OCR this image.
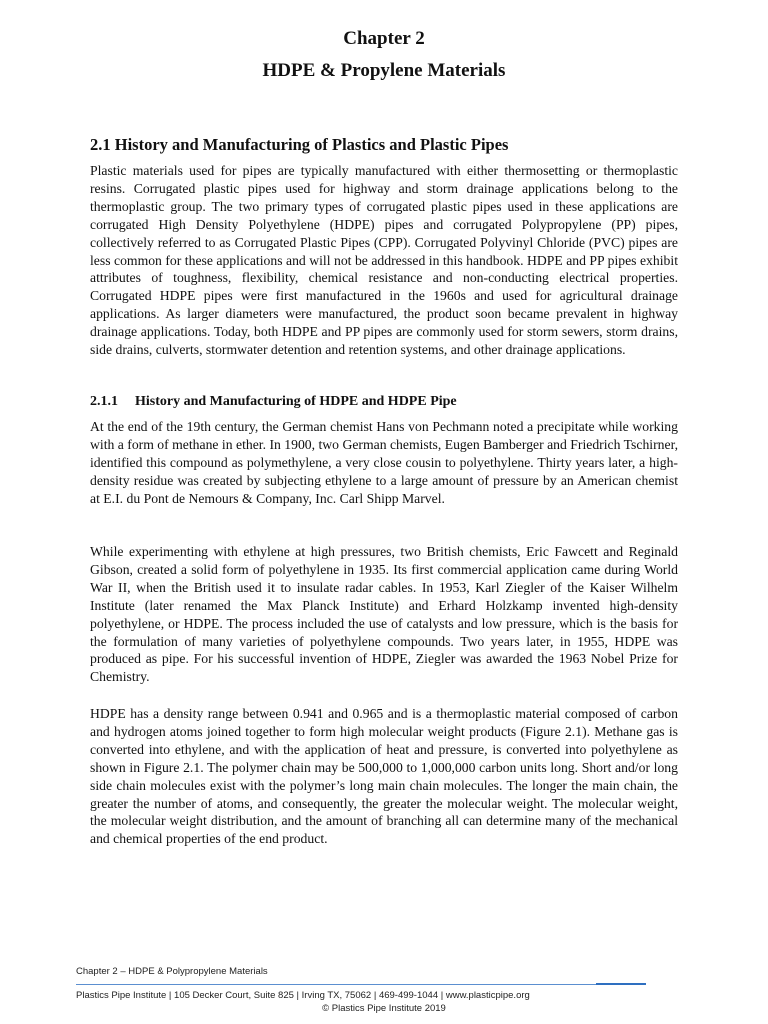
Chapter 2
HDPE & Propylene Materials
2.1 History and Manufacturing of Plastics and Plastic Pipes

Plastic materials used for pipes are typically manufactured with either thermosetting or thermoplastic resins. Corrugated plastic pipes used for highway and storm drainage applications belong to the thermoplastic group. The two primary types of corrugated plastic pipes used in these applications are corrugated High Density Polyethylene (HDPE) pipes and corrugated Polypropylene (PP) pipes, collectively referred to as Corrugated Plastic Pipes (CPP). Corrugated Polyvinyl Chloride (PVC) pipes are less common for these applications and will not be addressed in this handbook. HDPE and PP pipes exhibit attributes of toughness, flexibility, chemical resistance and non-conducting electrical properties. Corrugated HDPE pipes were first manufactured in the 1960s and used for agricultural drainage applications. As larger diameters were manufactured, the product soon became prevalent in highway drainage applications. Today, both HDPE and PP pipes are commonly used for storm sewers, storm drains, side drains, culverts, stormwater detention and retention systems, and other drainage applications.

2.1.1 History and Manufacturing of HDPE and HDPE Pipe

At the end of the 19th century, the German chemist Hans von Pechmann noted a precipitate while working with a form of methane in ether. In 1900, two German chemists, Eugen Bamberger and Friedrich Tschirner, identified this compound as polymethylene, a very close cousin to polyethylene. Thirty years later, a high-density residue was created by subjecting ethylene to a large amount of pressure by an American chemist at E.I. du Pont de Nemours & Company, Inc. Carl Shipp Marvel.

While experimenting with ethylene at high pressures, two British chemists, Eric Fawcett and Reginald Gibson, created a solid form of polyethylene in 1935. Its first commercial application came during World War II, when the British used it to insulate radar cables. In 1953, Karl Ziegler of the Kaiser Wilhelm Institute (later renamed the Max Planck Institute) and Erhard Holzkamp invented high-density polyethylene, or HDPE. The process included the use of catalysts and low pressure, which is the basis for the formulation of many varieties of polyethylene compounds. Two years later, in 1955, HDPE was produced as pipe. For his successful invention of HDPE, Ziegler was awarded the 1963 Nobel Prize for Chemistry.

HDPE has a density range between 0.941 and 0.965 and is a thermoplastic material composed of carbon and hydrogen atoms joined together to form high molecular weight products (Figure 2.1). Methane gas is converted into ethylene, and with the application of heat and pressure, is converted into polyethylene as shown in Figure 2.1. The polymer chain may be 500,000 to 1,000,000 carbon units long. Short and/or long side chain molecules exist with the polymer’s long main chain molecules. The longer the main chain, the greater the number of atoms, and consequently, the greater the molecular weight. The molecular weight, the molecular weight distribution, and the amount of branching all can determine many of the mechanical and chemical properties of the end product.

Chapter 2 – HDPE & Polypropylene Materials
Plastics Pipe Institute | 105 Decker Court, Suite 825 | Irving TX, 75062 | 469-499-1044 | www.plasticpipe.org
© Plastics Pipe Institute 2019
